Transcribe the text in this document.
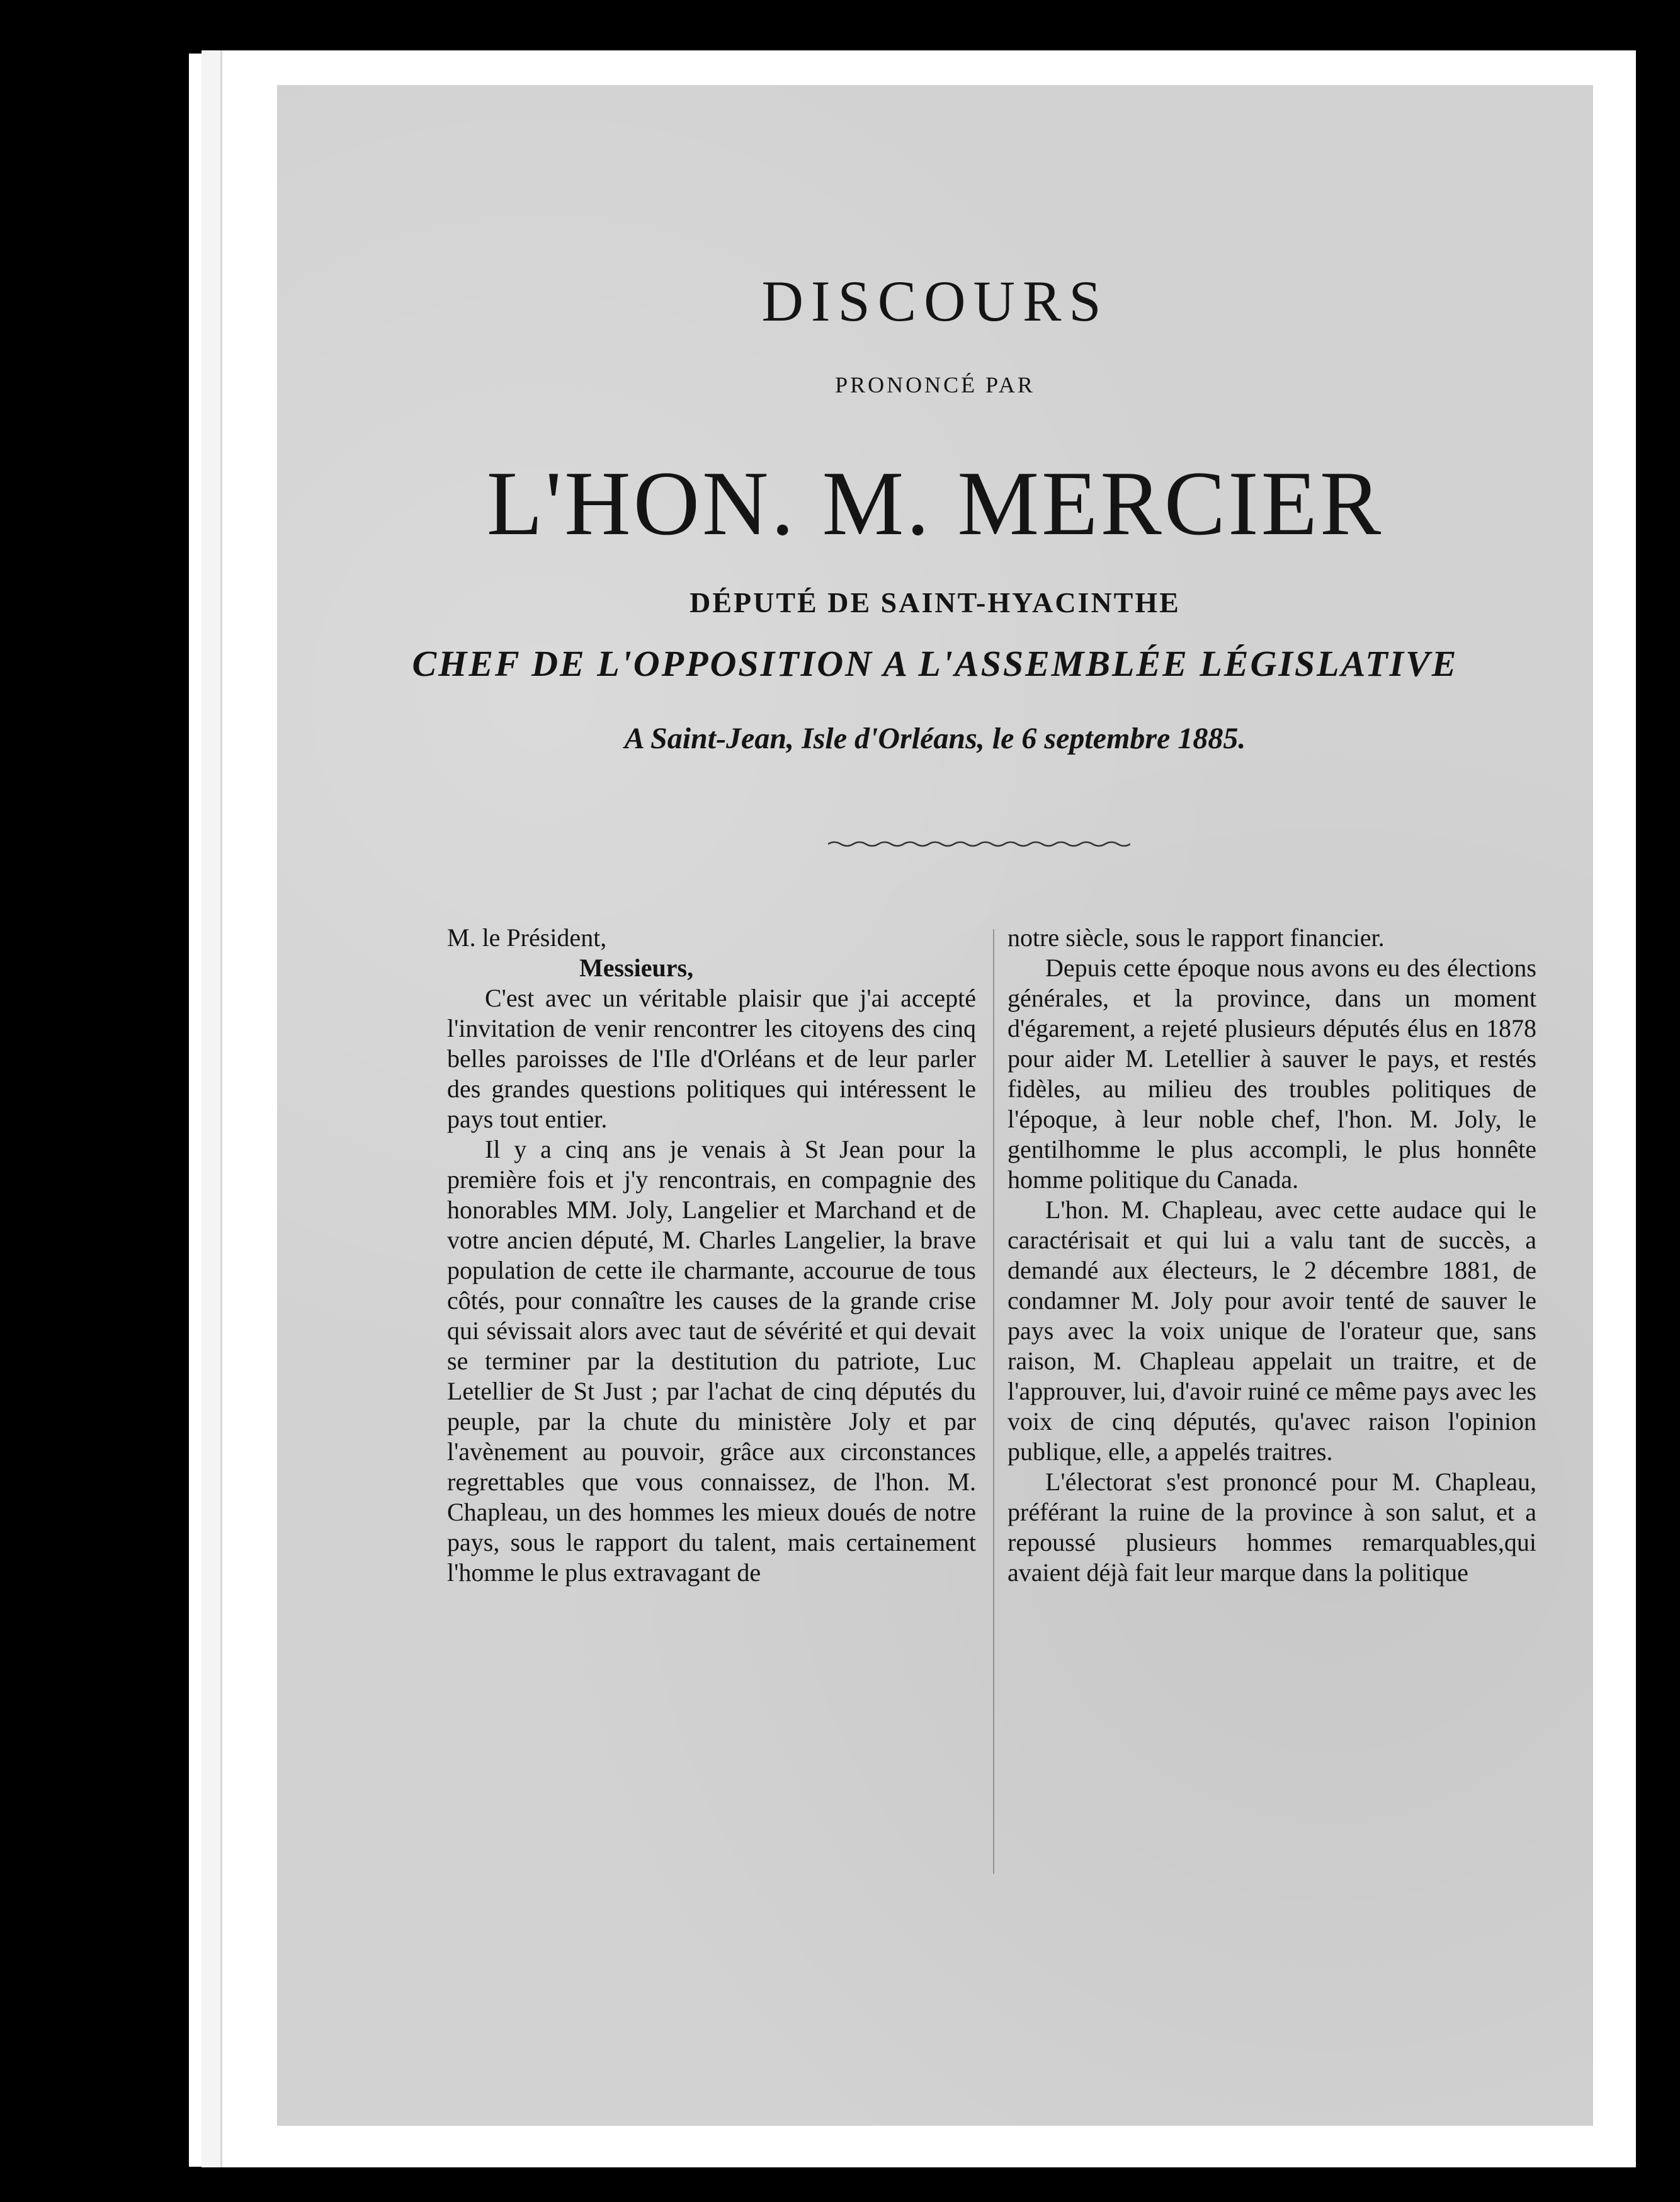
DISCOURS
PRONONCÉ PAR
L'HON. M. MERCIER
DÉPUTÉ DE SAINT-HYACINTHE
CHEF DE L'OPPOSITION A L'ASSEMBLÉE LÉGISLATIVE
A Saint-Jean, Isle d'Orléans, le 6 septembre 1885.

M. le Président,

Messieurs,

C'est avec un véritable plaisir que j'ai accepté l'invitation de venir rencontrer les citoyens des cinq belles paroisses de l'Ile d'Orléans et de leur parler des grandes questions politiques qui intéressent le pays tout entier.

Il y a cinq ans je venais à St Jean pour la première fois et j'y rencontrais, en compagnie des honorables MM. Joly, Langelier et Marchand et de votre ancien député, M. Charles Langelier, la brave population de cette ile charmante, accourue de tous côtés, pour connaître les causes de la grande crise qui sévissait alors avec taut de sévérité et qui devait se terminer par la destitution du patriote, Luc Letellier de St Just ; par l'achat de cinq députés du peuple, par la chute du ministère Joly et par l'avènement au pouvoir, grâce aux circonstances regrettables que vous connaissez, de l'hon. M. Chapleau, un des hommes les mieux doués de notre pays, sous le rapport du talent, mais certainement l'homme le plus extravagant de

notre siècle, sous le rapport financier.

Depuis cette époque nous avons eu des élections générales, et la province, dans un moment d'égarement, a rejeté plusieurs députés élus en 1878 pour aider M. Letellier à sauver le pays, et restés fidèles, au milieu des troubles politiques de l'époque, à leur noble chef, l'hon. M. Joly, le gentilhomme le plus accompli, le plus honnête homme politique du Canada.

L'hon. M. Chapleau, avec cette audace qui le caractérisait et qui lui a valu tant de succès, a demandé aux électeurs, le 2 décembre 1881, de condamner M. Joly pour avoir tenté de sauver le pays avec la voix unique de l'orateur que, sans raison, M. Chapleau appelait un traitre, et de l'approuver, lui, d'avoir ruiné ce même pays avec les voix de cinq députés, qu'avec raison l'opinion publique, elle, a appelés traitres.

L'électorat s'est prononcé pour M. Chapleau, préférant la ruine de la province à son salut, et a repoussé plusieurs hommes remarquables,qui avaient déjà fait leur marque dans la politique
